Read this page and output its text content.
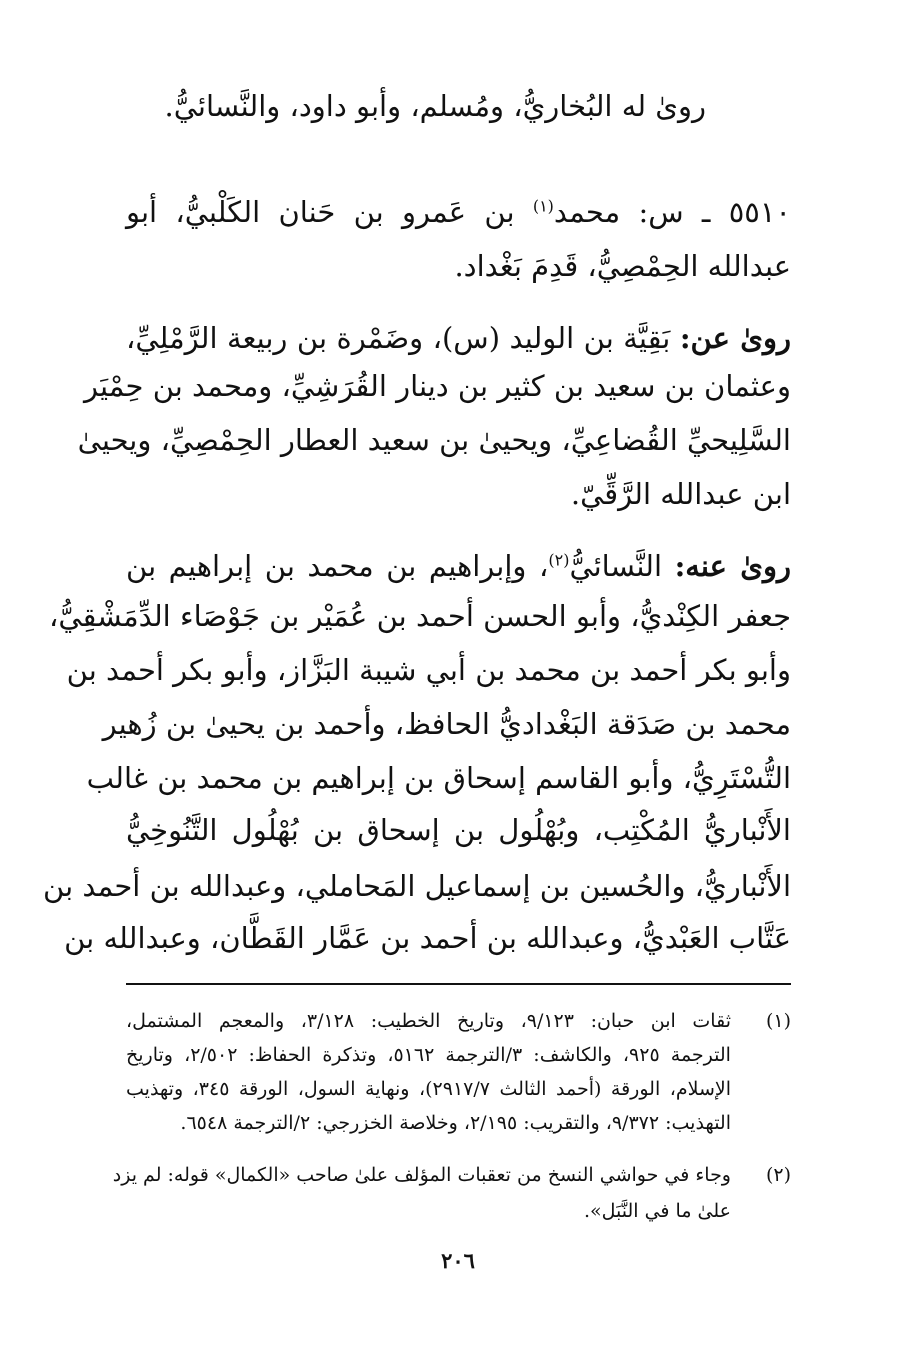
روىٰ له البُخاريُّ، ومُسلم، وأبو داود، والنَّسائيُّ.
٥٥١٠ ـ س: محمد$^{(١)}$ بن عَمرو بن حَنان الكَلْبيُّ، أبو
عبدالله الحِمْصِيُّ، قَدِمَ بَغْداد.
روىٰ عن: بَقِيَّة بن الوليد (س)، وضَمْرة بن ربيعة الرَّمْلِيِّ،
وعثمان بن سعيد بن كثير بن دينار القُرَشِيِّ، ومحمد بن حِمْيَر
السَّلِيحيِّ القُضاعِيِّ، ويحيىٰ بن سعيد العطار الحِمْصِيِّ، ويحيىٰ
ابن عبدالله الرَّقِّيّ.
روىٰ عنه: النَّسائيُّ$^{(٢)}$، وإبراهيم بن محمد بن إبراهيم بن
جعفر الكِنْديُّ، وأبو الحسن أحمد بن عُمَيْر بن جَوْصَاء الدِّمَشْقِيُّ،
وأبو بكر أحمد بن محمد بن أبي شيبة البَزَّاز، وأبو بكر أحمد بن
محمد بن صَدَقة البَغْداديُّ الحافظ، وأحمد بن يحيىٰ بن زُهير
التُّسْتَرِيُّ، وأبو القاسم إسحاق بن إبراهيم بن محمد بن غالب
الأَنْباريُّ المُكْتِب، وبُهْلُول بن إسحاق بن بُهْلُول التَّنُوخِيُّ
الأَنْباريُّ، والحُسين بن إسماعيل المَحاملي، وعبدالله بن أحمد بن
عَتَّاب العَبْديُّ، وعبدالله بن أحمد بن عَمَّار القَطَّان، وعبدالله بن
(١)
ثقات ابن حبان: ٩/١٢٣، وتاريخ الخطيب: ٣/١٢٨، والمعجم المشتمل،
الترجمة ٩٢٥، والكاشف: ٣/الترجمة ٥١٦٢، وتذكرة الحفاظ: ٢/٥٠٢، وتاريخ
الإسلام، الورقة (أحمد الثالث ٢٩١٧/٧)، ونهاية السول، الورقة ٣٤٥، وتهذيب
التهذيب: ٩/٣٧٢، والتقريب: ٢/١٩٥، وخلاصة الخزرجي: ٢/الترجمة ٦٥٤٨.
(٢)
وجاء في حواشي النسخ من تعقبات المؤلف علىٰ صاحب «الكمال» قوله: لم يزد
علىٰ ما في النَّبَل».
٢٠٦
